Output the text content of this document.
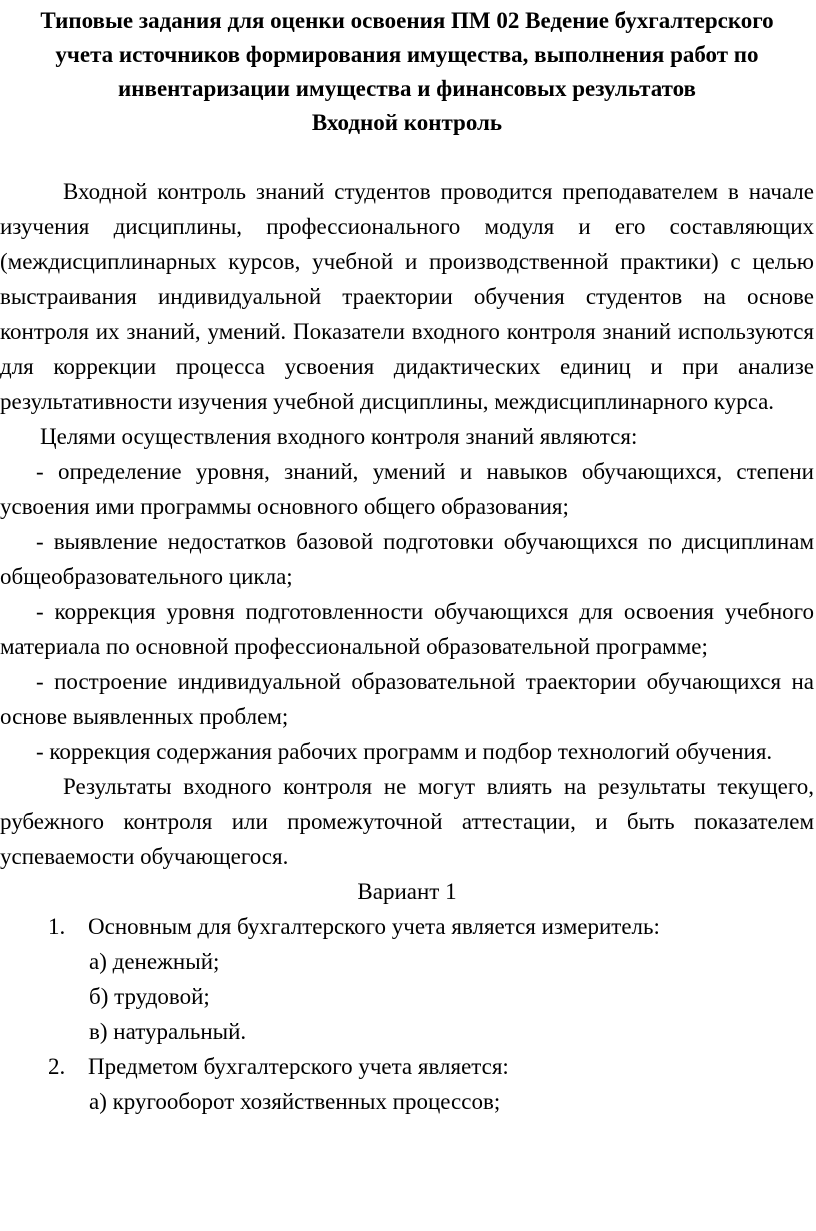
Типовые задания для оценки освоения ПМ 02 Ведение бухгалтерского
учета источников формирования имущества, выполнения работ по
инвентаризации имущества и финансовых результатов
Входной контроль

Входной контроль знаний студентов проводится преподавателем в начале изучения дисциплины, профессионального модуля и его составляющих (междисциплинарных курсов, учебной и производственной практики) с целью выстраивания индивидуальной траектории обучения студентов на основе контроля их знаний, умений. Показатели входного контроля знаний используются для коррекции процесса усвоения дидактических единиц и при анализе результативности изучения учебной дисциплины, междисциплинарного курса.

Целями осуществления входного контроля знаний являются:

- определение уровня, знаний, умений и навыков обучающихся, степени усвоения ими программы основного общего образования;

- выявление недостатков базовой подготовки обучающихся по дисциплинам общеобразовательного цикла;

- коррекция уровня подготовленности обучающихся для освоения учебного материала по основной профессиональной образовательной программе;

- построение индивидуальной образовательной траектории обучающихся на основе выявленных проблем;

- коррекция содержания рабочих программ и подбор технологий обучения.

Результаты входного контроля не могут влиять на результаты текущего, рубежного контроля или промежуточной аттестации, и быть показателем успеваемости обучающегося.

Вариант 1

1. Основным для бухгалтерского учета является измеритель:
а) денежный;
б) трудовой;
в) натуральный.
2. Предметом бухгалтерского учета является:
а) кругооборот хозяйственных процессов;
